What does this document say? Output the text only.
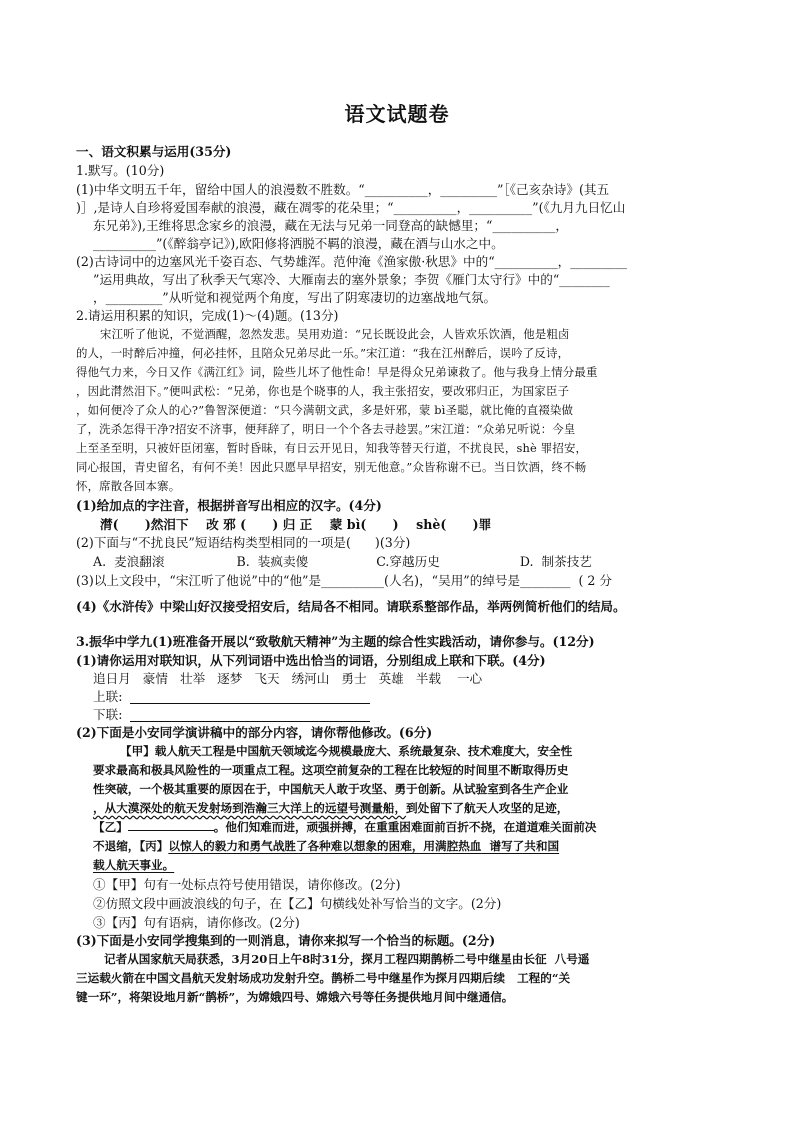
语文试题卷
一、语文积累与运用(35分)
1.默写。(10分)
(1)中华文明五千年，留给中国人的浪漫数不胜数。“__________，_________”［《己亥杂诗》(其五
)］,是诗人自珍将爱国奉献的浪漫，藏在凋零的花朵里；“__________，__________”(《九月九日忆山
东兄弟》),王维将思念家乡的浪漫，藏在无法与兄弟一同登高的缺憾里；“__________，
__________”(《醉翁亭记》),欧阳修将洒脱不羁的浪漫，藏在酒与山水之中。
(2)古诗词中的边塞风光千姿百态、气势雄浑。范仲淹《渔家傲·秋思》中的“__________，_________
”运用典故，写出了秋季天气寒冷、大雁南去的塞外景象；李贺《雁门太守行》中的“________
，_________”从听觉和视觉两个角度，写出了阴寒凄切的边塞战地气氛。
2.请运用积累的知识，完成(1)～(4)题。(13分)
宋江听了他说，不觉酒醒，忽然发悲。吴用劝道：“兄长既设此会，人皆欢乐饮酒，他是粗卤
的人，一时醉后冲撞，何必挂怀，且陪众兄弟尽此一乐。”宋江道：“我在江州醉后，误吟了反诗，
得他气力来，今日又作《满江红》词，险些儿坏了他性命！早是得众兄弟谏救了。他与我身上情分最重
，因此潸然泪下。”便叫武松：“兄弟，你也是个晓事的人，我主张招安，要改邪归正，为国家臣子
，如何便冷了众人的心?”鲁智深便道：“只今满朝文武，多是奸邪，蒙 bì圣聪，就比俺的直裰染做
了，洗杀怎得干净?招安不济事，便拜辞了，明日一个个各去寻趁罢。”宋江道：“众弟兄听说：今皇
上至圣至明，只被奸臣闭塞，暂时昏昧，有日云开见日，知我等替天行道，不扰良民，shè 罪招安，
同心报国，青史留名，有何不美！因此只愿早早招安，别无他意。”众皆称谢不已。当日饮酒，终不畅
怀，席散各回本寨。
(1)给加点的字注音，根据拼音写出相应的汉字。(4分)
潸(      )然泪下    改 邪 (      ) 归 正    蒙 bì(      )    shè(      )罪
(2)下面与“不扰良民”短语结构类型相同的一项是(      )(3分)
A.  麦浪翻滚                  B.  装疯卖傻                 C.穿越历史                    D.  制茶技艺
(3)以上文段中，“宋江听了他说”中的“他”是__________(人名)，“吴用”的绰号是________  ( 2 分
(4)《水浒传》中梁山好汉接受招安后，结局各不相同。请联系整部作品，举两例简析他们的结局。
3.振华中学九(1)班准备开展以“致敬航天精神”为主题的综合性实践活动，请你参与。(12分)
(1)请你运用对联知识，从下列词语中选出恰当的词语，分别组成上联和下联。(4分)
追日月   豪情   壮举   逐梦   飞天   绣河山   勇士   英雄   半载    一心
上联:
下联:
(2)下面是小安同学演讲稿中的部分内容，请你帮他修改。(6分)
【甲】载人航天工程是中国航天领域迄今规模最庞大、系统最复杂、技术难度大，安全性
要求最高和极具风险性的一项重点工程。这项空前复杂的工程在比较短的时间里不断取得历史
性突破，一个极其重要的原因在于，中国航天人敢于攻坚、勇于创新。从试验室到各生产企业
，从大漠深处的航天发射场到浩瀚三大洋上的远望号测量船，到处留下了航天人攻坚的足迹，
【乙】	。他们知难而进，顽强拼搏，在重重困难面前百折不挠，在道道难关面前决
不退缩，【丙】以惊人的毅力和勇气战胜了各种难以想象的困难，用满腔热血  谱写了共和国
载人航天事业。
①【甲】句有一处标点符号使用错误，请你修改。(2分)
②仿照文段中画波浪线的句子，在【乙】句横线处补写恰当的文字。(2分)
③【丙】句有语病，请你修改。(2分)
(3)下面是小安同学搜集到的一则消息，请你来拟写一个恰当的标题。(2分)
记者从国家航天局获悉，3月20日上午8时31分，探月工程四期鹊桥二号中继星由长征  八号遥
三运载火箭在中国文昌航天发射场成功发射升空。鹊桥二号中继星作为探月四期后续   工程的“关
键一环”，将架设地月新“鹊桥”，为嫦娥四号、嫦娥六号等任务提供地月间中继通信。
